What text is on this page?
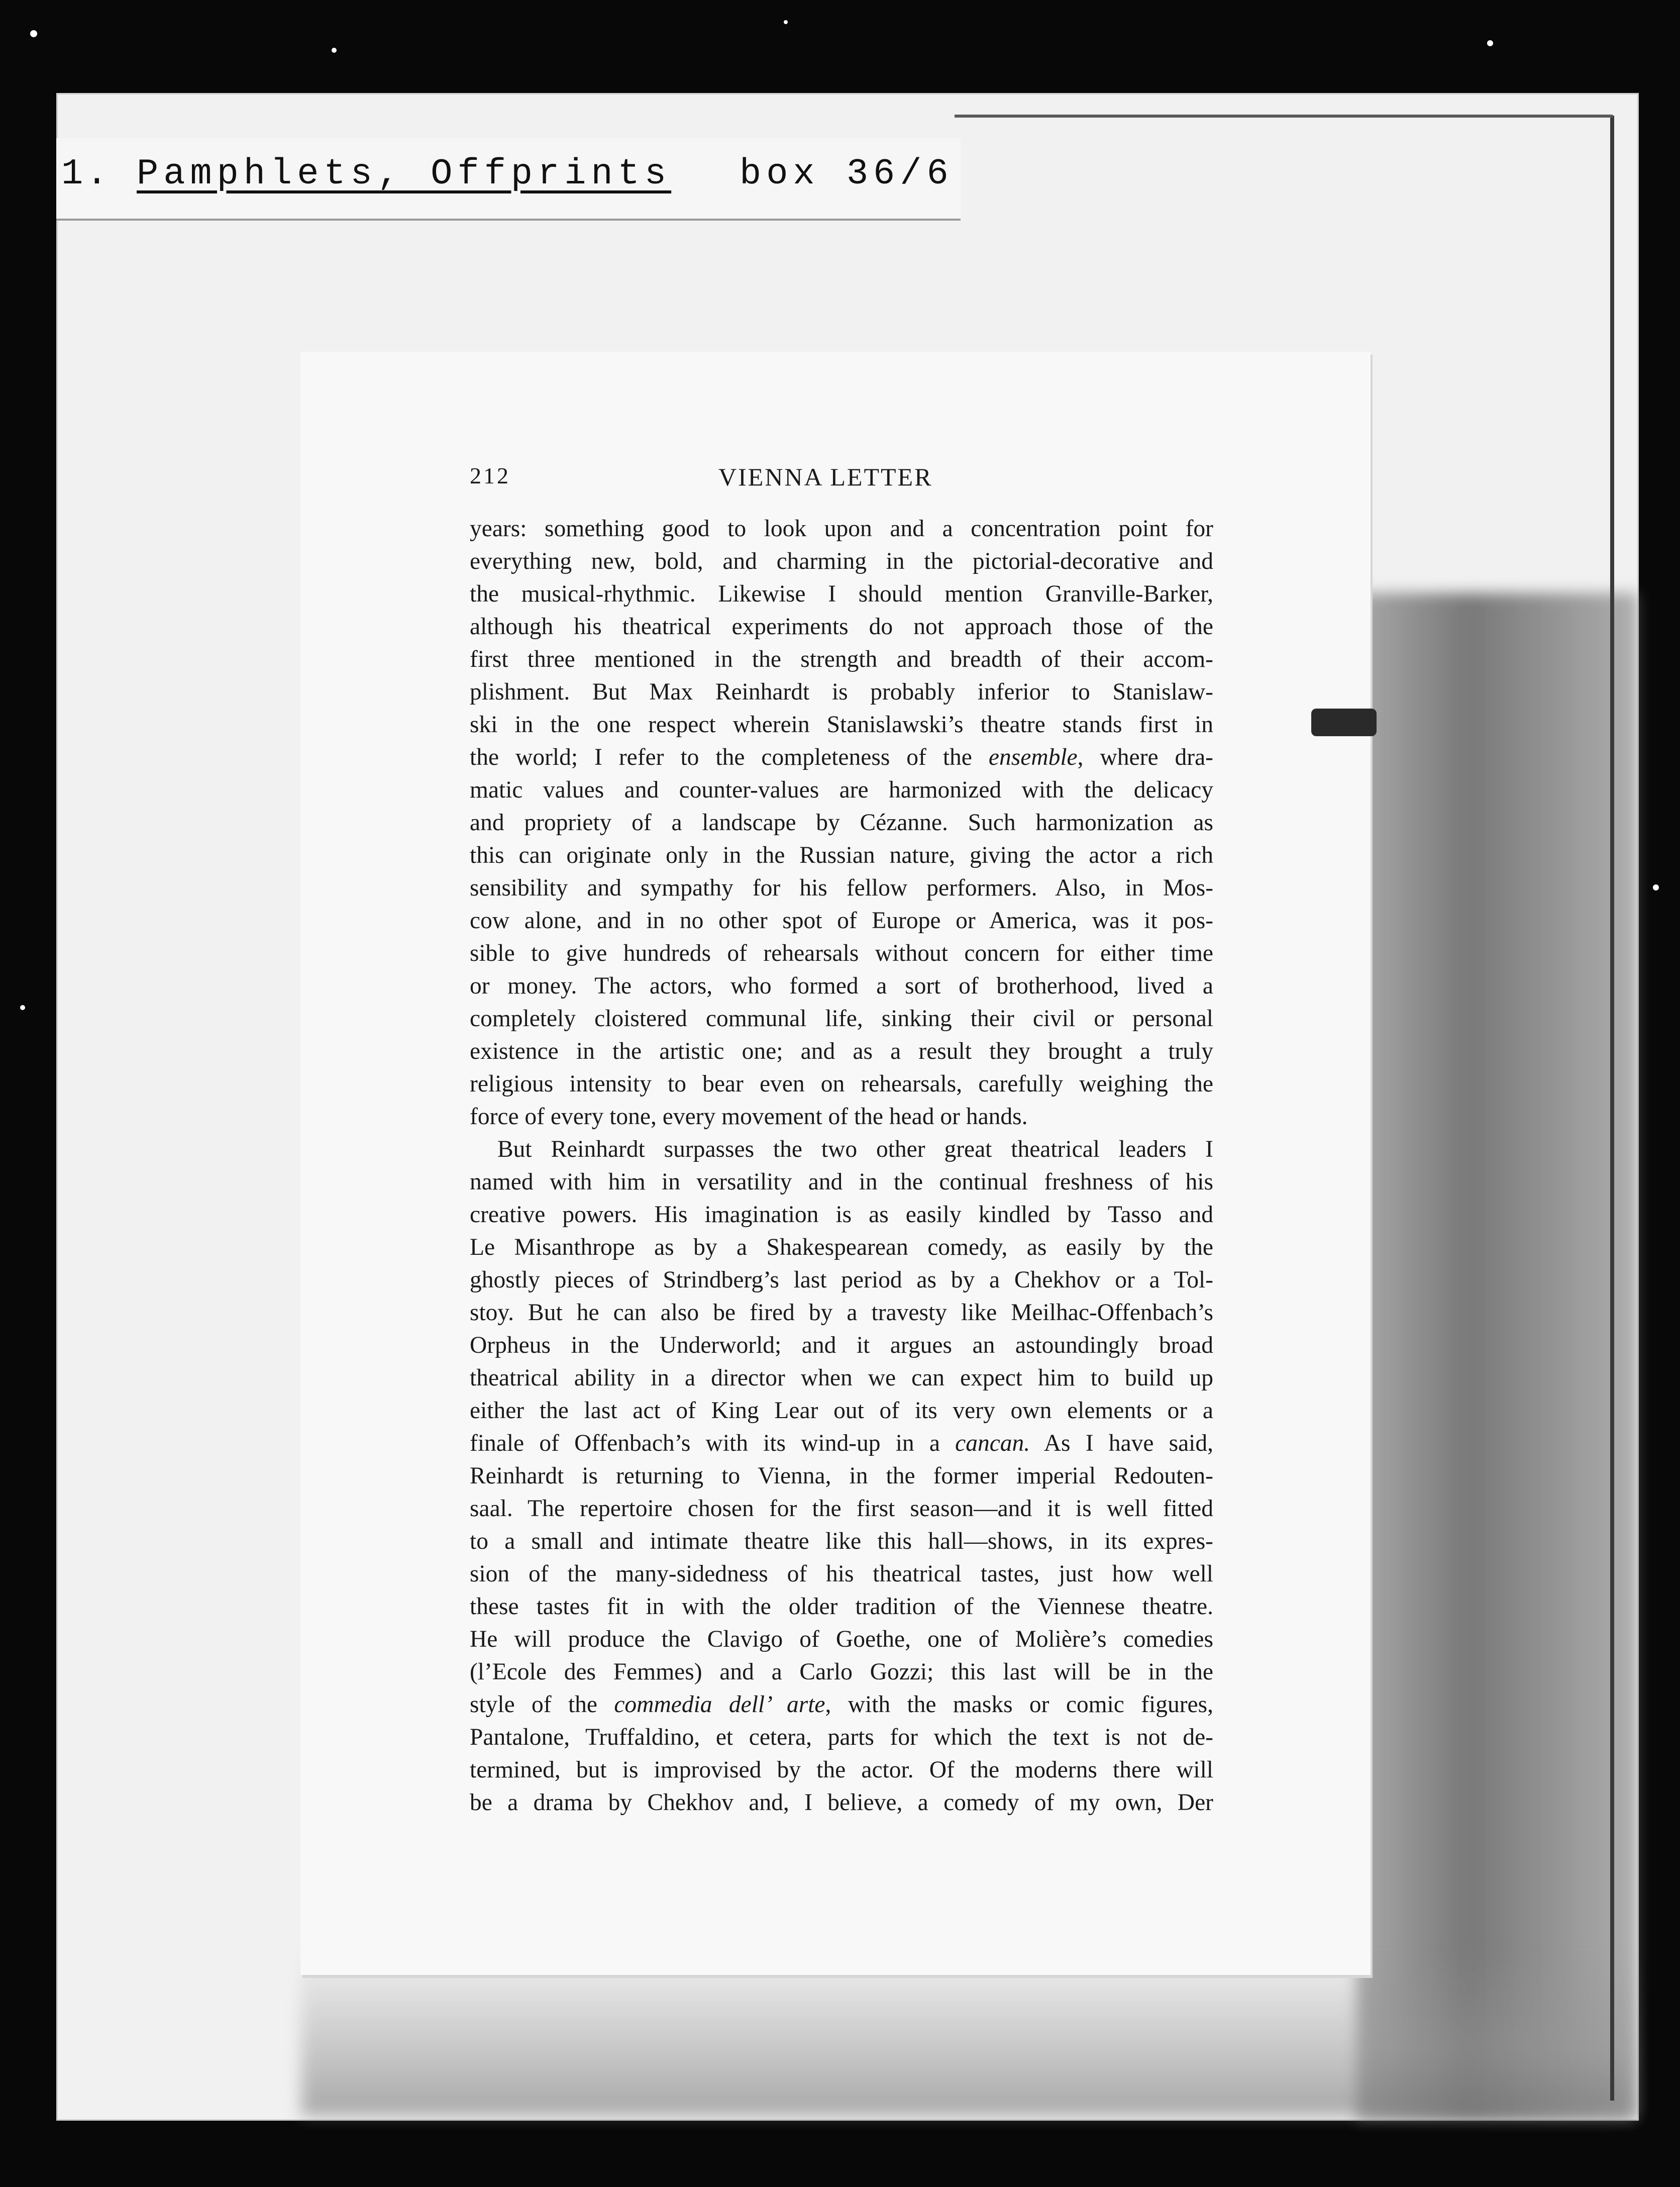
1. Pamphlets, Offprints box 36/6
212	VIENNA LETTER
years: something good to look upon and a concentration point for
everything new, bold, and charming in the pictorial-decorative and
the musical-rhythmic. Likewise I should mention Granville-Barker,
although his theatrical experiments do not approach those of the
first three mentioned in the strength and breadth of their accom-
plishment. But Max Reinhardt is probably inferior to Stanislaw-
ski in the one respect wherein Stanislawski’s theatre stands first in
the world; I refer to the completeness of the ensemble, where dra-
matic values and counter-values are harmonized with the delicacy
and propriety of a landscape by Cézanne. Such harmonization as
this can originate only in the Russian nature, giving the actor a rich
sensibility and sympathy for his fellow performers. Also, in Mos-
cow alone, and in no other spot of Europe or America, was it pos-
sible to give hundreds of rehearsals without concern for either time
or money. The actors, who formed a sort of brotherhood, lived a
completely cloistered communal life, sinking their civil or personal
existence in the artistic one; and as a result they brought a truly
religious intensity to bear even on rehearsals, carefully weighing the
force of every tone, every movement of the head or hands.
But Reinhardt surpasses the two other great theatrical leaders I
named with him in versatility and in the continual freshness of his
creative powers. His imagination is as easily kindled by Tasso and
Le Misanthrope as by a Shakespearean comedy, as easily by the
ghostly pieces of Strindberg’s last period as by a Chekhov or a Tol-
stoy. But he can also be fired by a travesty like Meilhac-Offenbach’s
Orpheus in the Underworld; and it argues an astoundingly broad
theatrical ability in a director when we can expect him to build up
either the last act of King Lear out of its very own elements or a
finale of Offenbach’s with its wind-up in a cancan. As I have said,
Reinhardt is returning to Vienna, in the former imperial Redouten-
saal. The repertoire chosen for the first season—and it is well fitted
to a small and intimate theatre like this hall—shows, in its expres-
sion of the many-sidedness of his theatrical tastes, just how well
these tastes fit in with the older tradition of the Viennese theatre.
He will produce the Clavigo of Goethe, one of Molière’s comedies
(l’Ecole des Femmes) and a Carlo Gozzi; this last will be in the
style of the commedia dell’ arte, with the masks or comic figures,
Pantalone, Truffaldino, et cetera, parts for which the text is not de-
termined, but is improvised by the actor. Of the moderns there will
be a drama by Chekhov and, I believe, a comedy of my own, Der
